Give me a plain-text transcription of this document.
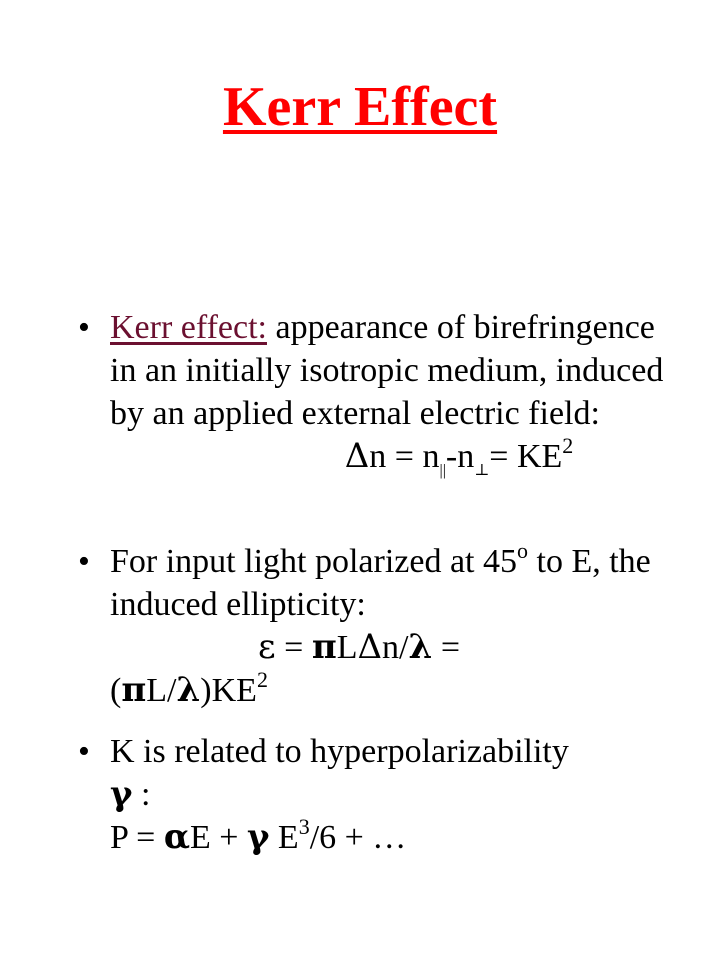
Kerr Effect
• Kerr effect: appearance of birefringence in an initially isotropic medium, induced by an applied external electric field:
$\Delta n = n_{||}-n_\perp= KE^2$
• For input light polarized at 45$^o$ to E, the induced ellipticity:
ε = πLΔn/λ =
$(\pi L/\lambda)KE^2$
• K is related to hyperpolarizability
γ :
P = αE + γ $E^3/6$ + …
